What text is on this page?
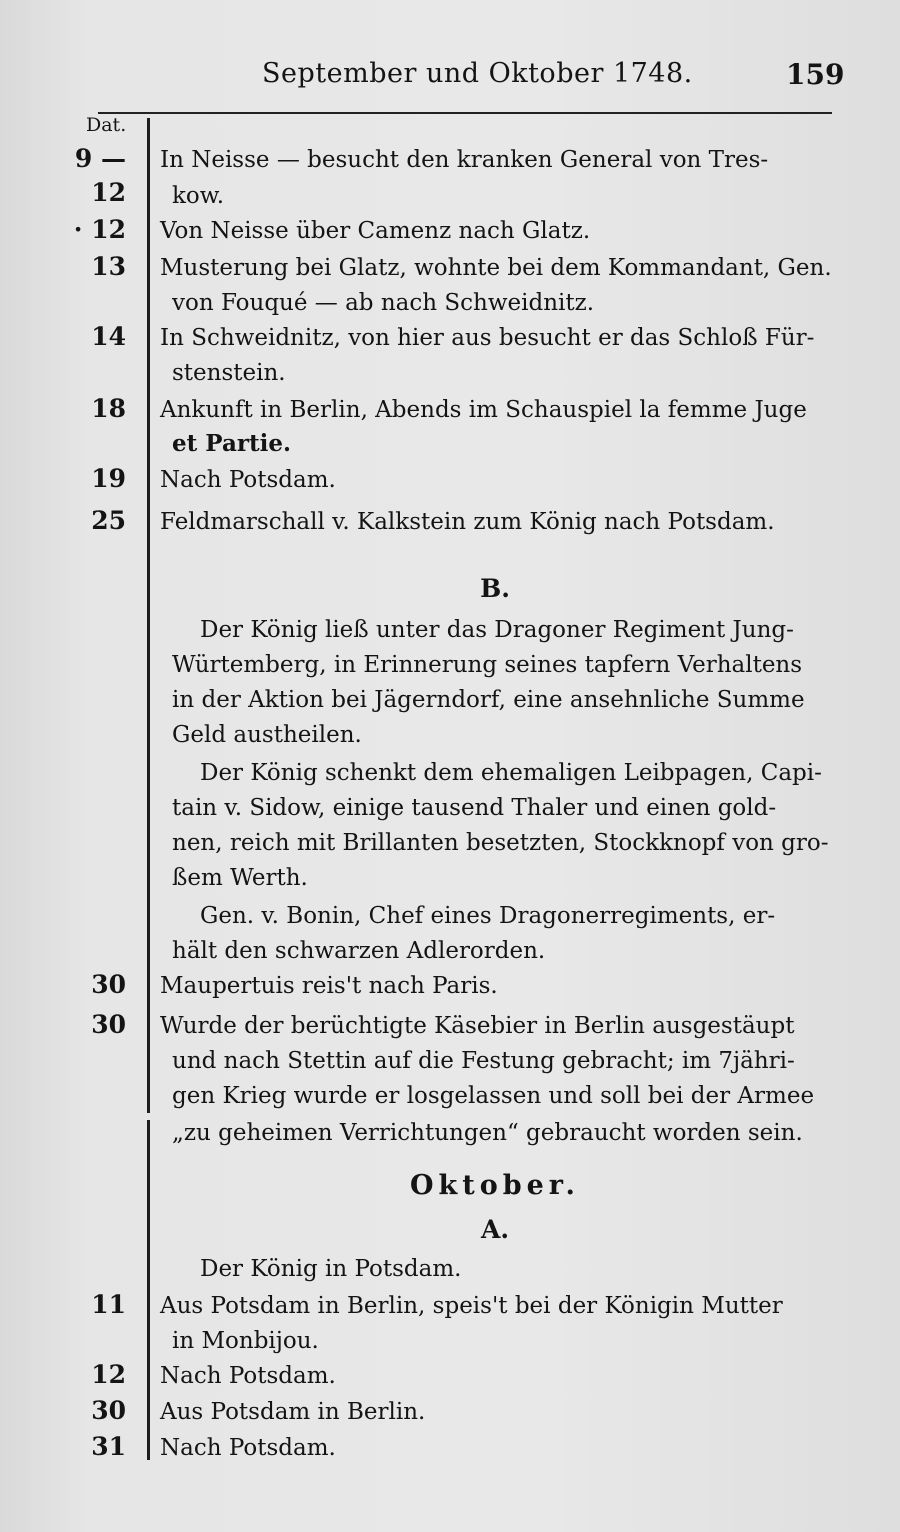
September und Oktober 1748.	159
Dat.
9 — In Neisse — besucht den kranken General von Tres-
12 kow.
· 12 Von Neisse über Camenz nach Glatz.
13 Musterung bei Glatz, wohnte bei dem Kommandant, Gen.
von Fouqué — ab nach Schweidnitz.
14 In Schweidnitz, von hier aus besucht er das Schloß Für-
stenstein.
18 Ankunft in Berlin, Abends im Schauspiel la femme Juge
et Partie.
19 Nach Potsdam.
25 Feldmarschall v. Kalkstein zum König nach Potsdam.
B.
Der König ließ unter das Dragoner Regiment Jung-
Würtemberg, in Erinnerung seines tapfern Verhaltens
in der Aktion bei Jägerndorf, eine ansehnliche Summe
Geld austheilen.
Der König schenkt dem ehemaligen Leibpagen, Capi-
tain v. Sidow, einige tausend Thaler und einen gold-
nen, reich mit Brillanten besetzten, Stockknopf von gro-
ßem Werth.
Gen. v. Bonin, Chef eines Dragonerregiments, er-
hält den schwarzen Adlerorden.
30 Maupertuis reis't nach Paris.
30 Wurde der berüchtigte Käsebier in Berlin ausgestäupt
und nach Stettin auf die Festung gebracht; im 7jähri-
gen Krieg wurde er losgelassen und soll bei der Armee
„zu geheimen Verrichtungen“ gebraucht worden sein.
Oktober.
A.
Der König in Potsdam.
11 Aus Potsdam in Berlin, speis't bei der Königin Mutter
in Monbijou.
12 Nach Potsdam.
30 Aus Potsdam in Berlin.
31 Nach Potsdam.
